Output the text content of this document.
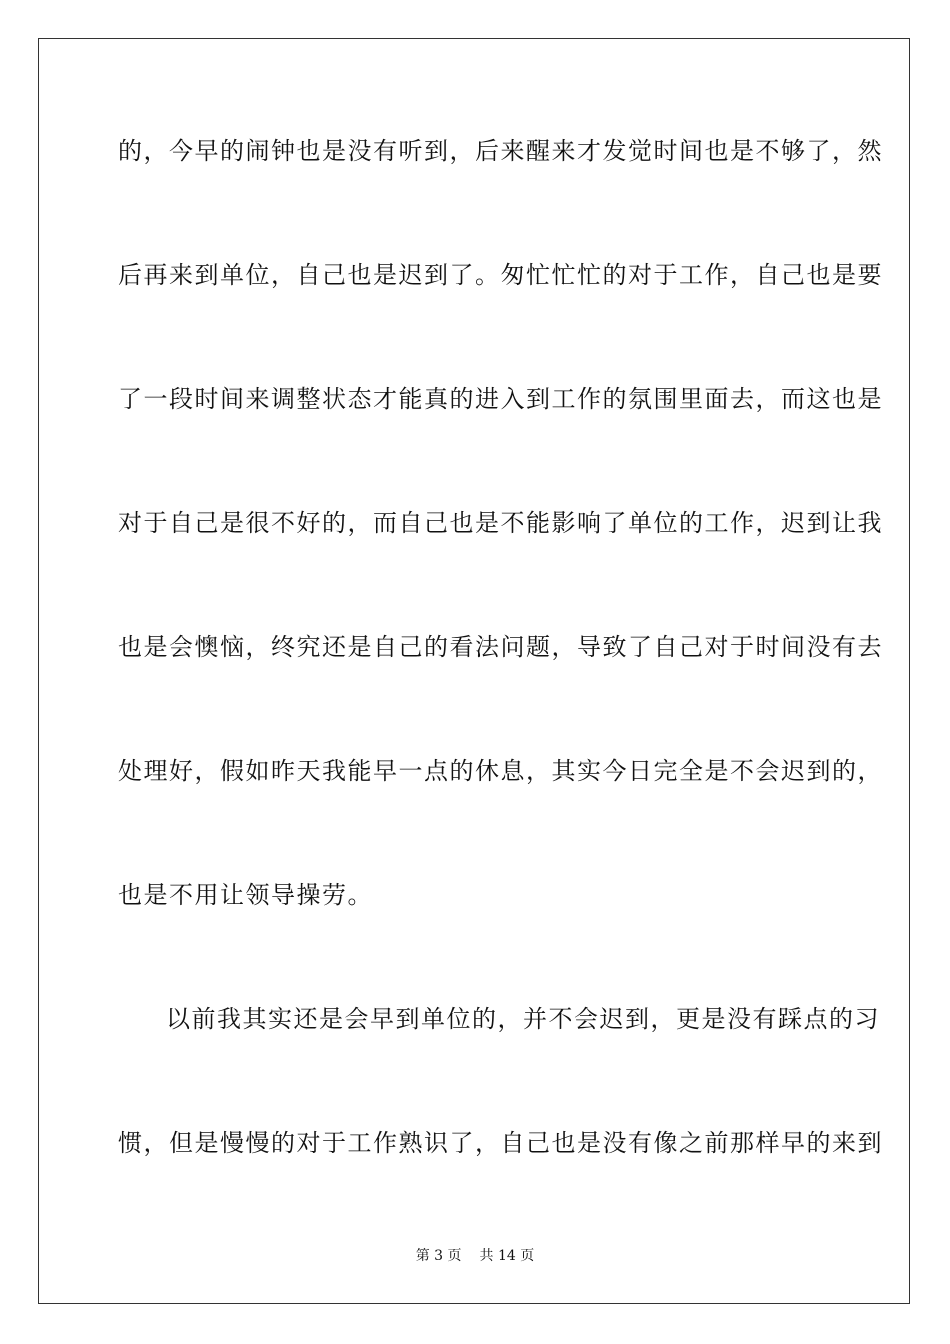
的，今早的闹钟也是没有听到，后来醒来才发觉时间也是不够了，然
后再来到单位，自己也是迟到了。匆忙忙忙的对于工作，自己也是要
了一段时间来调整状态才能真的进入到工作的氛围里面去，而这也是
对于自己是很不好的，而自己也是不能影响了单位的工作，迟到让我
也是会懊恼，终究还是自己的看法问题，导致了自己对于时间没有去
处理好，假如昨天我能早一点的休息，其实今日完全是不会迟到的，
也是不用让领导操劳。
以前我其实还是会早到单位的，并不会迟到，更是没有踩点的习
惯，但是慢慢的对于工作熟识了，自己也是没有像之前那样早的来到
第 3 页 共 14 页
